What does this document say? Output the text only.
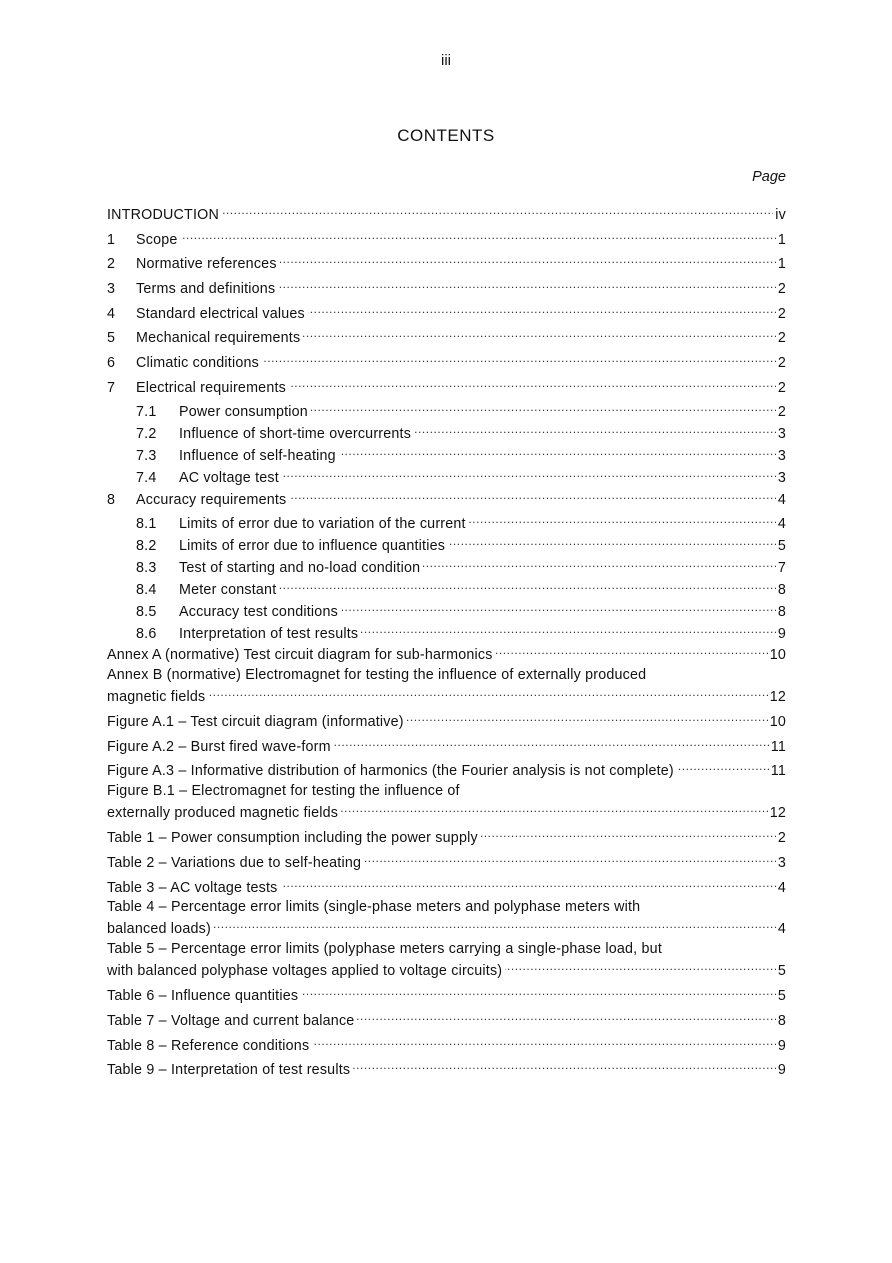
iii
CONTENTS
Page
INTRODUCTION . . .	iv
1	Scope . . .	1
2	Normative references . . .	1
3	Terms and definitions . . .	2
4	Standard electrical values . . .	2
5	Mechanical requirements . . .	2
6	Climatic conditions . . .	2
7	Electrical requirements . . .	2
7.1	Power consumption . . .	2
7.2	Influence of short-time overcurrents . . .	3
7.3	Influence of self-heating . . .	3
7.4	AC voltage test . . .	3
8	Accuracy requirements . . .	4
8.1	Limits of error due to variation of the current . . .	4
8.2	Limits of error due to influence quantities . . .	5
8.3	Test of starting and no-load condition . . .	7
8.4	Meter constant . . .	8
8.5	Accuracy test conditions . . .	8
8.6	Interpretation of test results . . .	9
Annex A (normative) Test circuit diagram for sub-harmonics . . .	10
Annex B (normative) Electromagnet for testing the influence of externally produced
magnetic fields . . .	12
Figure A.1 – Test circuit diagram (informative) . . .	10
Figure A.2 – Burst fired wave-form . . .	11
Figure A.3 – Informative distribution of harmonics (the Fourier analysis is not complete) . . .	11
Figure B.1 – Electromagnet for testing the influence of
externally produced magnetic fields . . .	12
Table 1 – Power consumption including the power supply . . .	2
Table 2 – Variations due to self-heating . . .	3
Table 3 – AC voltage tests . . .	4
Table 4 – Percentage error limits (single-phase meters and polyphase meters with
balanced loads) . . .	4
Table 5 – Percentage error limits (polyphase meters carrying a single-phase load, but
with balanced polyphase voltages applied to voltage circuits) . . .	5
Table 6 – Influence quantities . . .	5
Table 7 – Voltage and current balance . . .	8
Table 8 – Reference conditions . . .	9
Table 9 – Interpretation of test results . . .	9
